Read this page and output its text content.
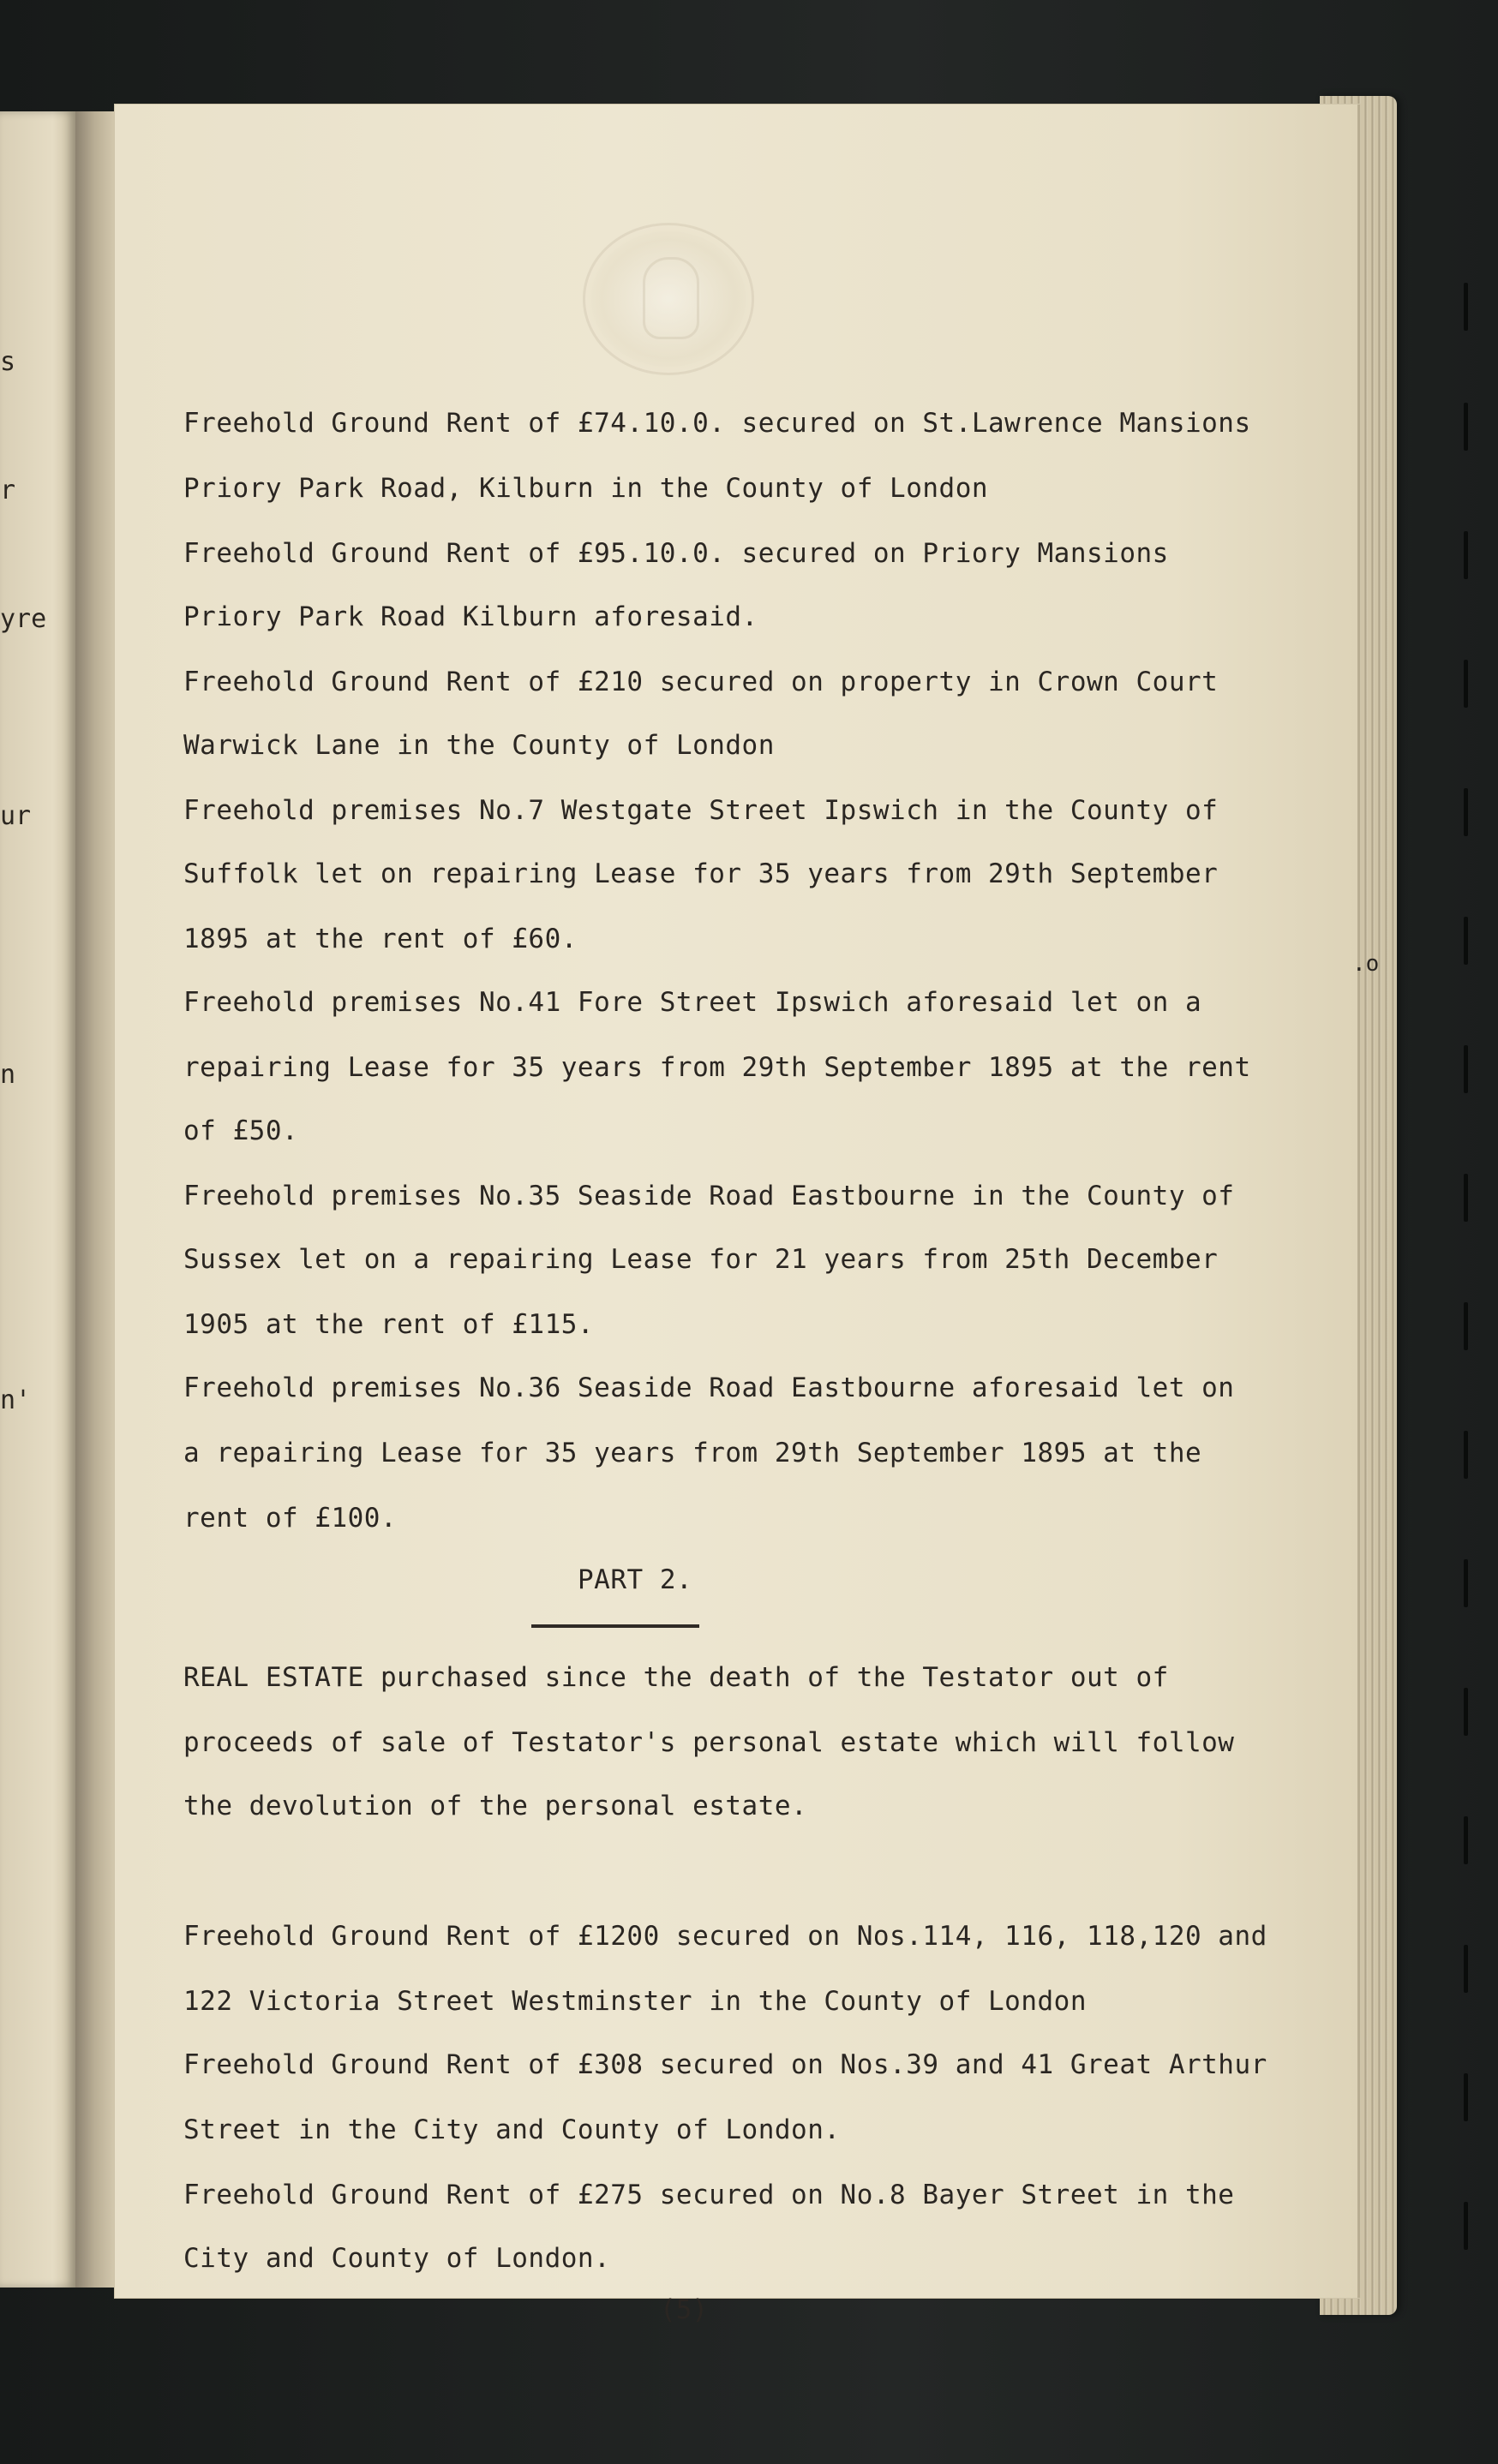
s
r
yre
ur
n
n'
Freehold Ground Rent of £74.10.0. secured on St.Lawrence Mansions
Priory Park Road, Kilburn in the County of London
Freehold Ground Rent of £95.10.0. secured on Priory Mansions
Priory Park Road Kilburn aforesaid.
Freehold Ground Rent of £210 secured on property in Crown Court
Warwick Lane in the County of London
Freehold premises No.7 Westgate Street Ipswich in the County of
Suffolk let on repairing Lease for 35 years from 29th September
1895 at the rent of £60.
Freehold premises No.41 Fore Street Ipswich aforesaid let on a
repairing Lease for 35 years from 29th September 1895 at the rent
of £50.
Freehold premises No.35 Seaside Road Eastbourne in the County of
Sussex let on a repairing Lease for 21 years from 25th December
1905 at the rent of £115.
Freehold premises No.36 Seaside Road Eastbourne aforesaid let on
a repairing Lease for 35 years from 29th September 1895 at the
rent of £100.
PART 2.
REAL ESTATE purchased since the death of the Testator out of
proceeds of sale of Testator's personal estate which will follow
the devolution of the personal estate.
Freehold Ground Rent of £1200 secured on Nos.114, 116, 118,120 and
122 Victoria Street Westminster in the County of London
Freehold Ground Rent of £308 secured on Nos.39 and 41 Great Arthur
Street in the City and County of London.
Freehold Ground Rent of £275 secured on No.8 Bayer Street in the
City and County of London.
(5)
.o
